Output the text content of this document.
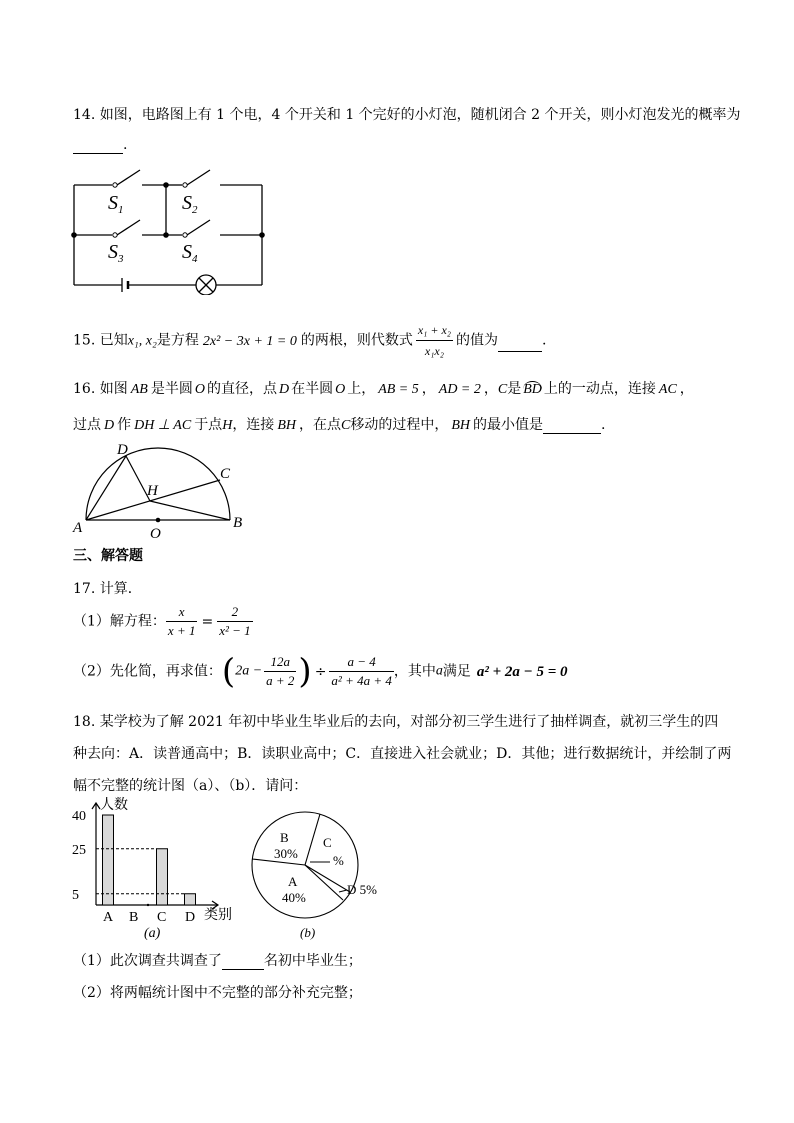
14. 如图，电路图上有 1 个电，4 个开关和 1 个完好的小灯泡，随机闭合 2 个开关，则小灯泡发光的概率为
.
$S_1$	$S_2$
$S_3$	$S_4$
15. 已知x₁, x₂是方程 2x² − 3x + 1 = 0 的两根，则代数式 $\frac{\text{x₁ + x₂}}{\text{x₁x₂}}$ 的值为	.
16. 如图 AB 是半圆 O 的直径，点 D 在半圆 O 上， AB = 5 ， AD = 2 ，C是 BD 上的一动点，连接 AC ，
过点 D 作 DH ⊥ AC 于点H，连接 BH ，在点C移动的过程中， BH 的最小值是	.
D
C
H
A	O
B
三、解答题
17. 计算．
（1）解方程： $\frac{x}{x + 1} = \frac{2}{\text{x² − 1}}$
（2）先化简，再求值：($2a - \frac{12a}{a + 2}$ ) ÷ $\frac{a - 4}{\text{a² + 4a + 4}}$ ，其中a满足 a² + 2a − 5 = 0
18. 某学校为了解 2021 年初中毕业生毕业后的去向，对部分初三学生进行了抽样调查，就初三学生的四
种去向：A．读普通高中；B．读职业高中；C．直接进入社会就业；D．其他；进行数据统计，并绘制了两
幅不完整的统计图（a）、（b）．请问：
5
25
40
人数
类别
A B C D
(a)
B
30%
C
%
A
40%
D 5%
(b)
（1）此次调查共调查了	名初中毕业生；
（2）将两幅统计图中不完整的部分补充完整；
